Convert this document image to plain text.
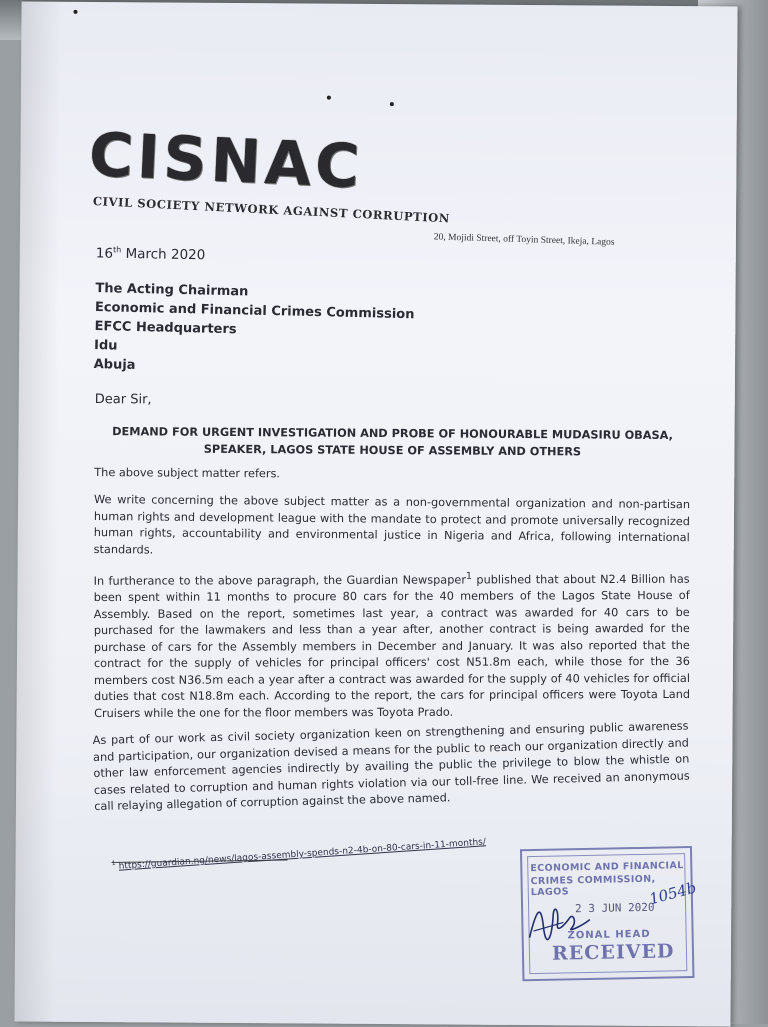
CISNAC
CIVIL SOCIETY NETWORK AGAINST CORRUPTION
20, Mojidi Street, off Toyin Street, Ikeja, Lagos

16th March 2020

The Acting Chairman
Economic and Financial Crimes Commission
EFCC Headquarters
Idu
Abuja
Dear Sir,
DEMAND FOR URGENT INVESTIGATION AND PROBE OF HONOURABLE MUDASIRU OBASA, SPEAKER, LAGOS STATE HOUSE OF ASSEMBLY AND OTHERS

The above subject matter refers.

We write concerning the above subject matter as a non-governmental organization and non-partisan human rights and development league with the mandate to protect and promote universally recognized human rights, accountability and environmental justice in Nigeria and Africa, following international standards.

In furtherance to the above paragraph, the Guardian Newspaper$^1$ published that about N2.4 Billion has been spent within 11 months to procure 80 cars for the 40 members of the Lagos State House of Assembly. Based on the report, sometimes last year, a contract was awarded for 40 cars to be purchased for the lawmakers and less than a year after, another contract is being awarded for the purchase of cars for the Assembly members in December and January. It was also reported that the contract for the supply of vehicles for principal officers' cost N51.8m each, while those for the 36 members cost N36.5m each a year after a contract was awarded for the supply of 40 vehicles for official duties that cost N18.8m each. According to the report, the cars for principal officers were Toyota Land Cruisers while the one for the floor members was Toyota Prado.

As part of our work as civil society organization keen on strengthening and ensuring public awareness and participation, our organization devised a means for the public to reach our organization directly and other law enforcement agencies indirectly by availing the public the privilege to blow the whistle on cases related to corruption and human rights violation via our toll-free line. We received an anonymous call relaying allegation of corruption against the above named.

$^1$ https://guardian.ng/news/lagos-assembly-spends-n2-4b-on-80-cars-in-11-months/	ECONOMIC AND FINANCIAL
CRIMES COMMISSION, LAGOS
2 3 JUN 2020
1054b
ZONAL HEAD
RECEIVED
